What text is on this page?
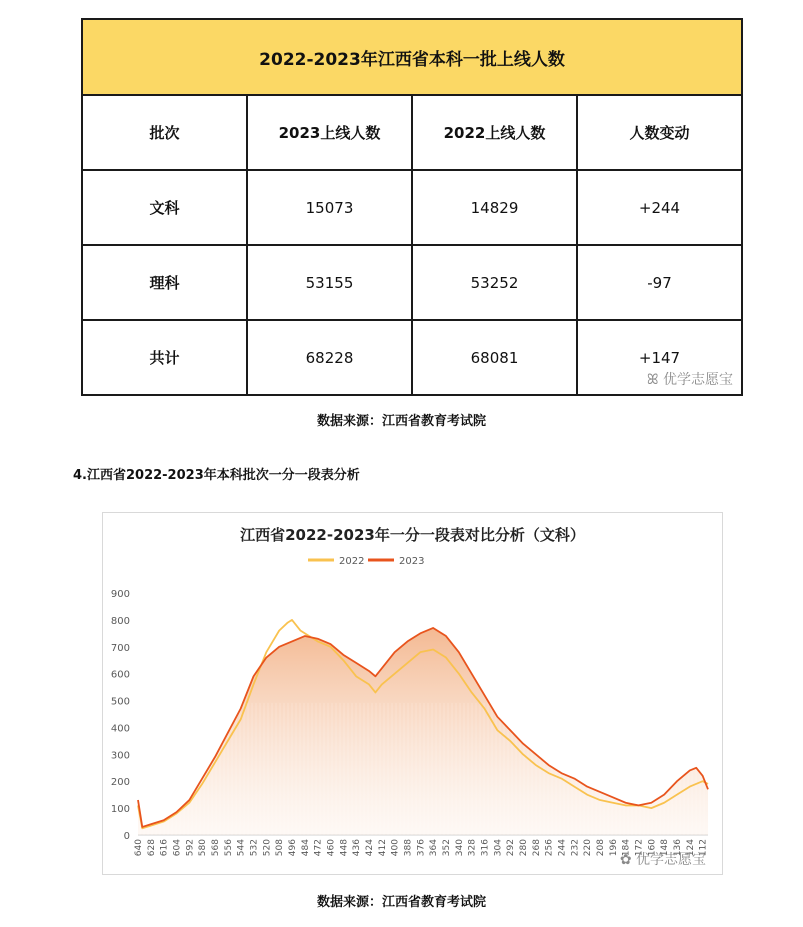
2022-2023年江西省本科一批上线人数			
批次	2023上线人数	2022上线人数	人数变动
文科	15073	14829	+244
理科	53155	53252	-97
共计	68228	68081	+147
ꕤ 优学志愿宝
数据来源：江西省教育考试院
4.江西省2022-2023年本科批次一分一段表分析
江西省2022-2023年一分一段表对比分析（文科）
2022	2023
0
100
200
300
400
500
600
700
800
900
640 628 616 604 592 580 568 556 544 532 520 508 496 484 472 460 448 436 424 412 400 388 376 364 352 340 328 316 304 292 280 268 256 244 232 220 208 196 184 172 160 148 136 124 112
✿ 优学志愿宝
数据来源：江西省教育考试院
